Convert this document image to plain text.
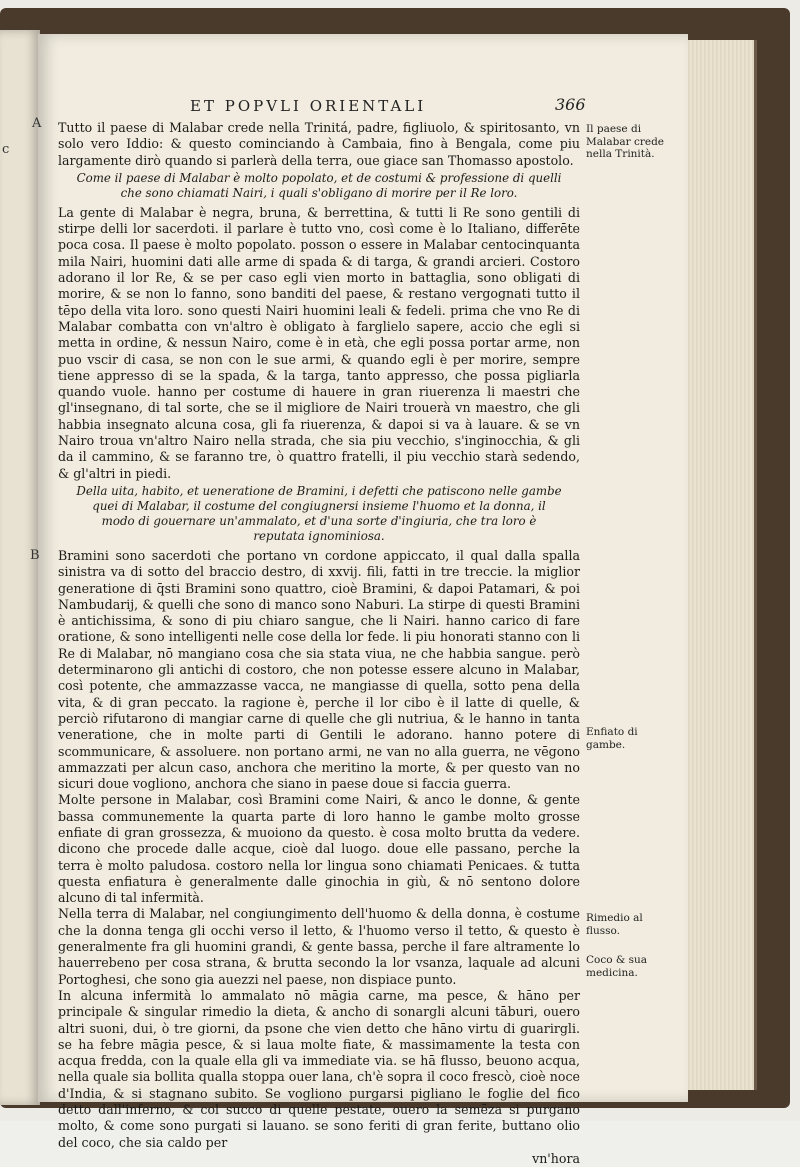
c
ET POPVLI ORIENTALI	366
A
B

Tutto il paese di Malabar crede nella Trinitá, padre, figliuolo, & spiritosanto, vn solo vero Iddio: & questo cominciando à Cambaia, fino à Bengala, come piu largamente dirò quando si parlerà della terra, oue giace san Thomasso apostolo.

Come il paese di Malabar è molto popolato, et de costumi & professione di quelli che sono chiamati Nairi, i quali s'obligano di morire per il Re loro.

La gente di Malabar è negra, bruna, & berrettina, & tutti li Re sono gentili di stirpe delli lor sacerdoti. il parlare è tutto vno, così come è lo Italiano, differēte poca cosa. Il paese è molto popolato. posson o essere in Malabar centocinquanta mila Nairi, huomini dati alle arme di spada & di targa, & grandi arcieri. Costoro adorano il lor Re, & se per caso egli vien morto in battaglia, sono obligati di morire, & se non lo fanno, sono banditi del paese, & restano vergognati tutto il tēpo della vita loro. sono questi Nairi huomini leali & fedeli. prima che vno Re di Malabar combatta con vn'altro è obligato à farglielo sapere, accio che egli si metta in ordine, & nessun Nairo, come è in età, che egli possa portar arme, non puo vscir di casa, se non con le sue armi, & quando egli è per morire, sempre tiene appresso di se la spada, & la targa, tanto appresso, che possa pigliarla quando vuole. hanno per costume di hauere in gran riuerenza li maestri che gl'insegnano, di tal sorte, che se il migliore de Nairi trouerà vn maestro, che gli habbia insegnato alcuna cosa, gli fa riuerenza, & dapoi si va à lauare. & se vn Nairo troua vn'altro Nairo nella strada, che sia piu vecchio, s'inginocchia, & gli da il cammino, & se faranno tre, ò quattro fratelli, il piu vecchio starà sedendo, & gl'altri in piedi.

Della uita, habito, et ueneratione de Bramini, i defetti che patiscono nelle gambe quei di Malabar, il costume del congiugnersi insieme l'huomo et la donna, il modo di gouernare un'ammalato, et d'una sorte d'ingiuria, che tra loro è reputata ignominiosa.

Bramini sono sacerdoti che portano vn cordone appiccato, il qual dalla spalla sinistra va di sotto del braccio destro, di xxvij. fili, fatti in tre treccie. la miglior generatione di q̄sti Bramini sono quattro, cioè Bramini, & dapoi Patamari, & poi Nambudarij, & quelli che sono di manco sono Naburi. La stirpe di questi Bramini è antichissima, & sono di piu chiaro sangue, che li Nairi. hanno carico di fare oratione, & sono intelligenti nelle cose della lor fede. li piu honorati stanno con li Re di Malabar, nō mangiano cosa che sia stata viua, ne che habbia sangue. però determinarono gli antichi di costoro, che non potesse essere alcuno in Malabar, così potente, che ammazzasse vacca, ne mangiasse di quella, sotto pena della vita, & di gran peccato. la ragione è, perche il lor cibo è il latte di quelle, & perciò rifutarono di mangiar carne di quelle che gli nutriua, & le hanno in tanta veneratione, che in molte parti di Gentili le adorano. hanno potere di scommunicare, & assoluere. non portano armi, ne van no alla guerra, ne vēgono ammazzati per alcun caso, anchora che meritino la morte, & per questo van no sicuri doue vogliono, anchora che siano in paese doue si faccia guerra.

Molte persone in Malabar, così Bramini come Nairi, & anco le donne, & gente bassa communemente la quarta parte di loro hanno le gambe molto grosse enfiate di gran grossezza, & muoiono da questo. è cosa molto brutta da vedere. dicono che procede dalle acque, cioè dal luogo. doue elle passano, perche la terra è molto paludosa. costoro nella lor lingua sono chiamati Penicaes. & tutta questa enfiatura è generalmente dalle ginochia in giù, & nō sentono dolore alcuno di tal infermità.

Nella terra di Malabar, nel congiungimento dell'huomo & della donna, è costume che la donna tenga gli occhi verso il letto, & l'huomo verso il tetto, & questo è generalmente fra gli huomini grandi, & gente bassa, perche il fare altramente lo hauerrebeno per cosa strana, & brutta secondo la lor vsanza, laquale ad alcuni Portoghesi, che sono gia auezzi nel paese, non dispiace punto.

In alcuna infermità lo ammalato nō māgia carne, ma pesce, & hāno per principale & singular rimedio la dieta, & ancho di sonargli alcuni tāburi, ouero altri suoni, dui, ò tre giorni, da psone che vien detto che hāno virtu di guarirgli. se ha febre māgia pesce, & si laua molte fiate, & massimamente la testa con acqua fredda, con la quale ella gli va immediate via. se hā flusso, beuono acqua, nella quale sia bollita qualla stoppa ouer lana, ch'è sopra il coco frescò, cioè noce d'India, & si stagnano subito. Se vogliono purgarsi pigliano le foglie del fico detto dall'inferno, & col succo di quelle pestate, ouero la semēza si purgano molto, & come sono purgati si lauano. se sono feriti di gran ferite, buttano olio del coco, che sia caldo per

vn'hora

Il paese di Malabar crede nella Trinità.
Enfiato di gambe.
Rimedio al flusso.
Coco & sua medicina.
